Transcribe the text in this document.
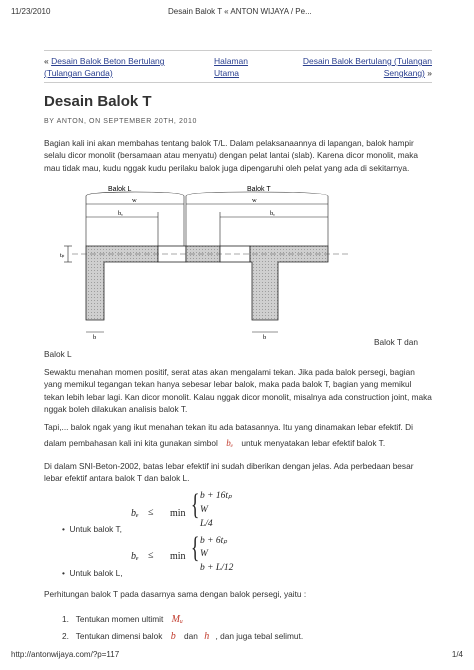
11/23/2010	Desain Balok T « ANTON WIJAYA / Pe...
« Desain Balok Beton Bertulang (Tulangan Ganda)
Halaman Utama
Desain Balok Bertulang (Tulangan Sengkang) »
Desain Balok T
BY ANTON, ON SEPTEMBER 20TH, 2010

Bagian kali ini akan membahas tentang balok T/L. Dalam pelaksanaannya di lapangan, balok hampir selalu dicor monolit (bersamaan atau menyatu) dengan pelat lantai (slab). Karena dicor monolit, maka mau tidak mau, kudu nggak kudu perilaku balok juga dipengaruhi oleh pelat yang ada di sekitarnya.

Balok L	Balok T
w	w
bₑ	bₑ
tₚ
b	b	Balok T dan
Balok L

Sewaktu menahan momen positif, serat atas akan mengalami tekan. Jika pada balok persegi, bagian yang memikul tegangan tekan hanya sebesar lebar balok, maka pada balok T, bagian yang memikul tekan lebih lebar lagi. Kan dicor monolit. Kalau nggak dicor monolit, misalnya ada construction joint, maka nggak boleh dilakukan analisis balok T.

Tapi,... balok ngak yang ikut menahan tekan itu ada batasannya. Itu yang dinamakan lebar efektif. Di
dalam pembahasan kali ini kita gunakan simbol bₑ untuk menyatakan lebar efektif balok T.

Di dalam SNI-Beton-2002, batas lebar efektif ini sudah diberikan dengan jelas. Ada perbedaan besar lebar efektif antara balok T dan balok L.

bₑ ≤ min { b + 16tₚ
W
L/4
•  Untuk balok T,
bₑ ≤ min { b + 6tₚ
W
b + L/12
•  Untuk balok L,
Perhitungan balok T pada dasarnya sama dengan balok persegi, yaitu :
1. Tentukan momen ultimit Mᵤ
2. Tentukan dimensi balok b dan h , dan juga tebal selimut.
http://antonwijaya.com/?p=117	1/4
